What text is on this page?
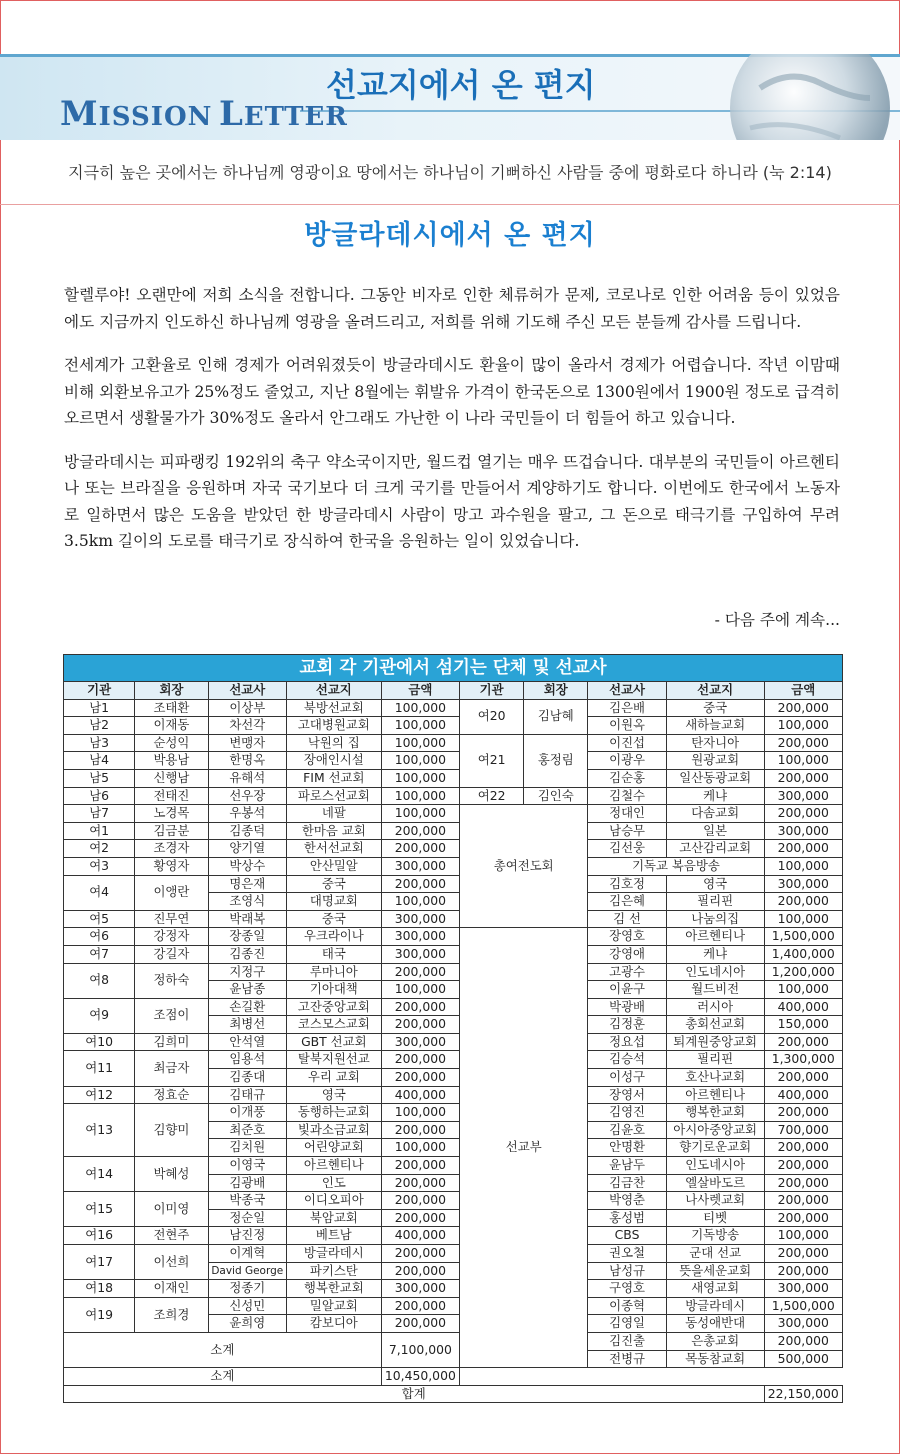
MISSION LETTER
선교지에서 온 편지
지극히 높은 곳에서는 하나님께 영광이요 땅에서는 하나님이 기뻐하신 사람들 중에 평화로다 하니라 (눅 2:14)
방글라데시에서 온 편지

할렐루야! 오랜만에 저희 소식을 전합니다. 그동안 비자로 인한 체류허가 문제, 코로나로 인한 어려움 등이 있었음에도 지금까지 인도하신 하나님께 영광을 올려드리고, 저희를 위해 기도해 주신 모든 분들께 감사를 드립니다.

전세계가 고환율로 인해 경제가 어려워졌듯이 방글라데시도 환율이 많이 올라서 경제가 어렵습니다. 작년 이맘때 비해 외환보유고가 25%정도 줄었고, 지난 8월에는 휘발유 가격이 한국돈으로 1300원에서 1900원 정도로 급격히 오르면서 생활물가가 30%정도 올라서 안그래도 가난한 이 나라 국민들이 더 힘들어 하고 있습니다.

방글라데시는 피파랭킹 192위의 축구 약소국이지만, 월드컵 열기는 매우 뜨겁습니다. 대부분의 국민들이 아르헨티나 또는 브라질을 응원하며 자국 국기보다 더 크게 국기를 만들어서 계양하기도 합니다. 이번에도 한국에서 노동자로 일하면서 많은 도움을 받았던 한 방글라데시 사람이 망고 과수원을 팔고, 그 돈으로 태극기를 구입하여 무려 3.5km 길이의 도로를 태극기로 장식하여 한국을 응원하는 일이 있었습니다.

- 다음 주에 계속...
교회 각 기관에서 섬기는 단체 및 선교사
기관	회장	선교사	선교지	금액	기관	회장	선교사	선교지	금액
남1	조태환	이상부	북방선교회	100,000	여20	김남혜	김은배	중국	200,000
남2	이재동	차선각	고대병원교회	100,000			이원옥	새하늘교회	100,000
남3	순성익	변맹자	낙원의 집	100,000	여21	홍정림	이진섭	탄자니아	200,000
남4	박용남	한명옥	장애인시설	100,000			이광우	원광교회	100,000
남5	신행남	유해석	FIM 선교회	100,000			김순홍	일산동광교회	200,000
남6	전태진	선우장	파로스선교회	100,000	여22	김인숙	김철수	케냐	300,000
남7	노경목	우봉석	네팔	100,000	총여전도회		정대인	다솜교회	200,000
여1	김금분	김종덕	한마음 교회	200,000			남승무	일본	300,000
여2	조경자	양기열	한서선교회	200,000			김선웅	고산감리교회	200,000
여3	황영자	박상수	안산밀알	300,000			기독교 복음방송		100,000
여4	이앵란	명은재	중국	200,000			김호정	영국	300,000
		조영식	대명교회	100,000			김은혜	필리핀	200,000
여5	진무연	박래복	중국	300,000			김 선	나눔의집	100,000
여6	강정자	장종일	우크라이나	300,000	선교부		장영호	아르헨티나	1,500,000
여7	강길자	김종진	태국	300,000			강영애	케냐	1,400,000
여8	정하숙	지정구	루마니아	200,000			고광수	인도네시아	1,200,000
		윤남종	기아대책	100,000			이윤구	월드비전	100,000
여9	조점이	손길환	고잔중앙교회	200,000			박광배	러시아	400,000
		최병선	코스모스교회	200,000			김정훈	총회선교회	150,000
여10	김희미	안석열	GBT 선교회	300,000			정요섭	퇴계원중앙교회	200,000
여11	최금자	임용석	탈북지원선교	200,000			김승석	필리핀	1,300,000
		김종대	우리 교회	200,000			이성구	호산나교회	200,000
여12	정효순	김태규	영국	400,000			장영서	아르헨티나	400,000
여13	김향미	이개풍	동행하는교회	100,000			김영진	행복한교회	200,000
		최준호	빛과소금교회	200,000			김윤호	아시아중앙교회	700,000
		김치원	어린양교회	100,000			안명환	향기로운교회	200,000
여14	박혜성	이영국	아르헨티나	200,000			윤남두	인도네시아	200,000
		김광배	인도	200,000			김금찬	엘살바도르	200,000
여15	이미영	박종국	이디오피아	200,000			박영춘	나사렛교회	200,000
		정순일	북암교회	200,000			홍성범	티벳	200,000
여16	전현주	남진정	베트남	400,000			CBS	기독방송	100,000
여17	이선희	이계혁	방글라데시	200,000			권오철	군대 선교	200,000
		David George	파키스탄	200,000			남성규	뜻을세운교회	200,000
여18	이재인	정종기	행복한교회	300,000			구영호	새영교회	300,000
여19	조희경	신성민	밀알교회	200,000			이종혁	방글라데시	1,500,000
		윤희영	캄보디아	200,000			김영일	동성애반대	300,000
소계				7,100,000			김진출	은총교회	200,000
							전병규	목동참교회	500,000
소계				10,450,000					
합계									22,150,000
